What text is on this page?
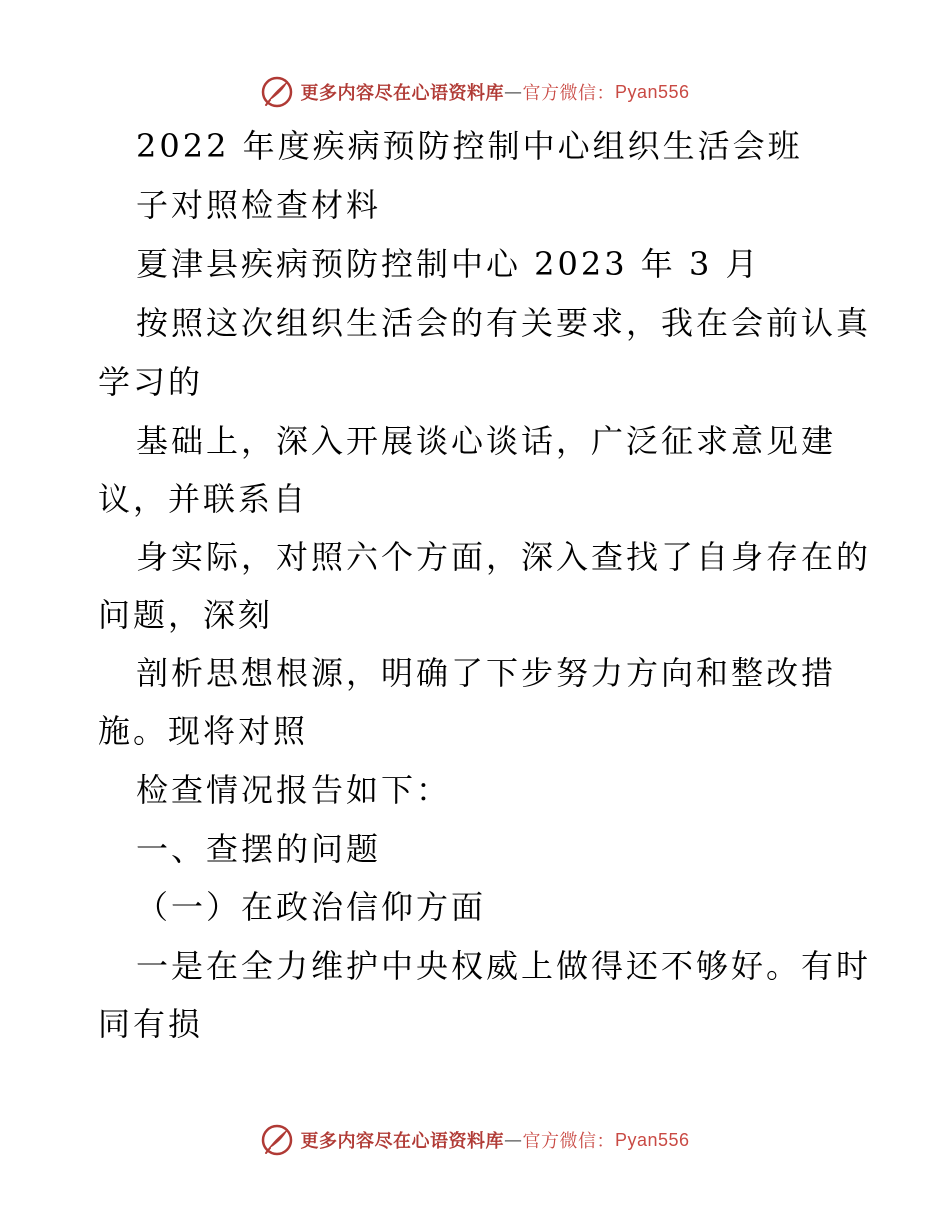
更多内容尽在心语资料库 — 官方微信： Pyan556
2022 年度疾病预防控制中心组织生活会班
子对照检查材料
夏津县疾病预防控制中心 2023 年 3 月
按照这次组织生活会的有关要求，我在会前认真
学习的
基础上，深入开展谈心谈话，广泛征求意见建
议，并联系自
身实际，对照六个方面，深入查找了自身存在的
问题，深刻
剖析思想根源，明确了下步努力方向和整改措
施。现将对照
检查情况报告如下：
一、查摆的问题
（一）在政治信仰方面
一是在全力维护中央权威上做得还不够好。有时
同有损
更多内容尽在心语资料库 — 官方微信： Pyan556
